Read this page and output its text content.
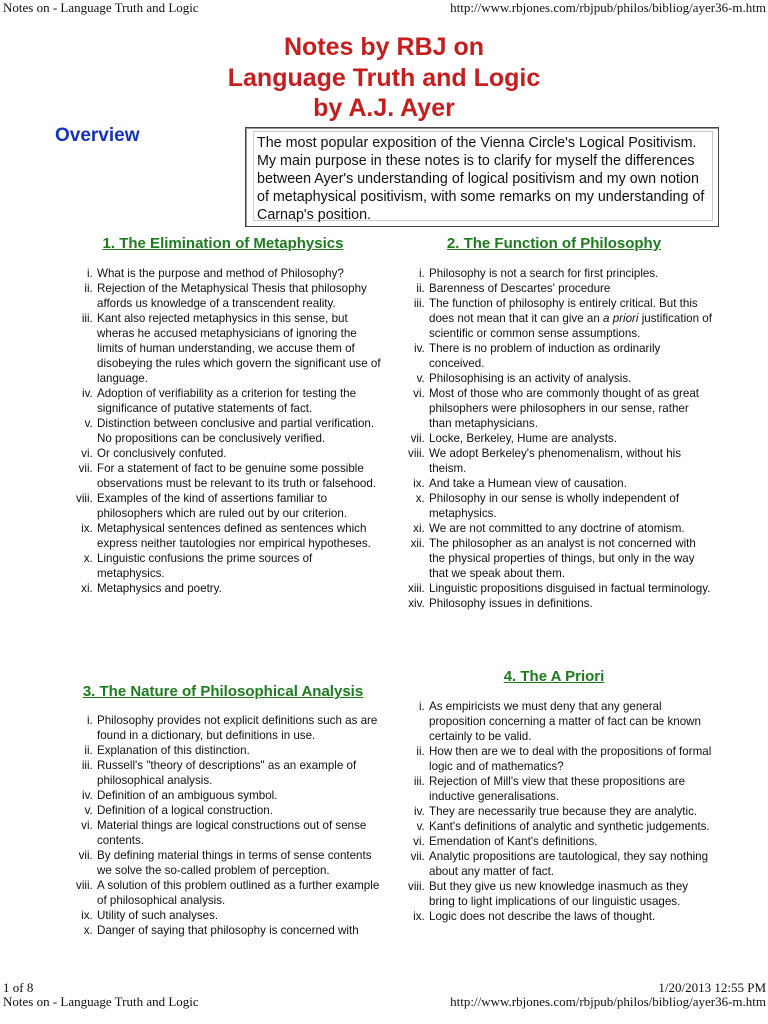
Notes on - Language Truth and Logic	http://www.rbjones.com/rbjpub/philos/bibliog/ayer36-m.htm
Notes by RBJ on
Language Truth and Logic
by A.J. Ayer
Overview	The most popular exposition of the Vienna Circle's Logical Positivism. My main purpose in these notes is to clarify for myself the differences between Ayer's understanding of logical positivism and my own notion of metaphysical positivism, with some remarks on my understanding of Carnap's position.
1. The Elimination of Metaphysics
i. What is the purpose and method of Philosophy?
ii. Rejection of the Metaphysical Thesis that philosophy affords us knowledge of a transcendent reality.
iii. Kant also rejected metaphysics in this sense, but wheras he accused metaphysicians of ignoring the limits of human understanding, we accuse them of disobeying the rules which govern the significant use of language.
iv. Adoption of verifiability as a criterion for testing the significance of putative statements of fact.
v. Distinction between conclusive and partial verification. No propositions can be conclusively verified.
vi. Or conclusively confuted.
vii. For a statement of fact to be genuine some possible observations must be relevant to its truth or falsehood.
viii. Examples of the kind of assertions familiar to philosophers which are ruled out by our criterion.
ix. Metaphysical sentences defined as sentences which express neither tautologies nor empirical hypotheses.
x. Linguistic confusions the prime sources of metaphysics.
xi. Metaphysics and poetry.
2. The Function of Philosophy
i. Philosophy is not a search for first principles.
ii. Barenness of Descartes' procedure
iii. The function of philosophy is entirely critical. But this does not mean that it can give an a priori justification of scientific or common sense assumptions.
iv. There is no problem of induction as ordinarily conceived.
v. Philosophising is an activity of analysis.
vi. Most of those who are commonly thought of as great philsophers were philosophers in our sense, rather than metaphysicians.
vii. Locke, Berkeley, Hume are analysts.
viii. We adopt Berkeley's phenomenalism, without his theism.
ix. And take a Humean view of causation.
x. Philosophy in our sense is wholly independent of metaphysics.
xi. We are not committed to any doctrine of atomism.
xii. The philosopher as an analyst is not concerned with the physical properties of things, but only in the way that we speak about them.
xiii. Linguistic propositions disguised in factual terminology.
xiv. Philosophy issues in definitions.
3. The Nature of Philosophical Analysis
i. Philosophy provides not explicit definitions such as are found in a dictionary, but definitions in use.
ii. Explanation of this distinction.
iii. Russell's "theory of descriptions" as an example of philosophical analysis.
iv. Definition of an ambiguous symbol.
v. Definition of a logical construction.
vi. Material things are logical constructions out of sense contents.
vii. By defining material things in terms of sense contents we solve the so-called problem of perception.
viii. A solution of this problem outlined as a further example of philosophical analysis.
ix. Utility of such analyses.
x. Danger of saying that philosophy is concerned with
4. The A Priori
i. As empiricists we must deny that any general proposition concerning a matter of fact can be known certainly to be valid.
ii. How then are we to deal with the propositions of formal logic and of mathematics?
iii. Rejection of Mill's view that these propositions are inductive generalisations.
iv. They are necessarily true because they are analytic.
v. Kant's definitions of analytic and synthetic judgements.
vi. Emendation of Kant's definitions.
vii. Analytic propositions are tautological, they say nothing about any matter of fact.
viii. But they give us new knowledge inasmuch as they bring to light implications of our linguistic usages.
ix. Logic does not describe the laws of thought.
1 of 8	1/20/2013 12:55 PM
Notes on - Language Truth and Logic	http://www.rbjones.com/rbjpub/philos/bibliog/ayer36-m.htm
